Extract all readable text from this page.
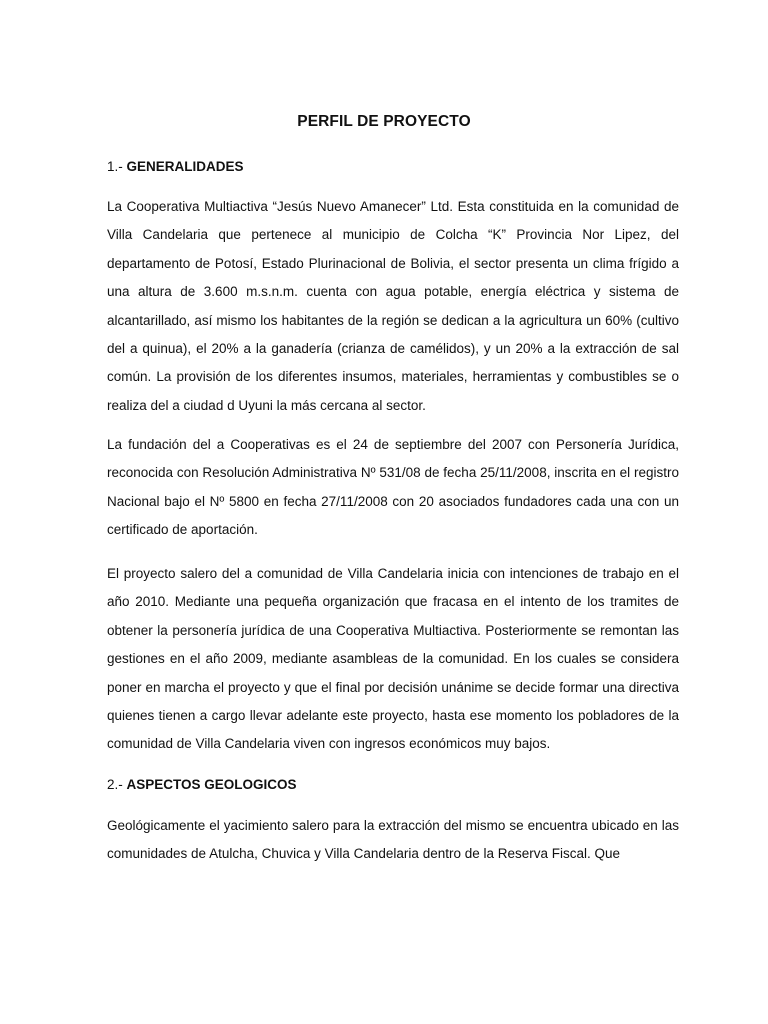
PERFIL DE PROYECTO
1.- GENERALIDADES

La Cooperativa Multiactiva “Jesús Nuevo Amanecer” Ltd. Esta constituida en la comunidad de Villa Candelaria que pertenece al municipio de Colcha “K” Provincia Nor Lipez, del departamento de Potosí, Estado Plurinacional de Bolivia, el sector presenta un clima frígido a una altura de 3.600 m.s.n.m. cuenta con agua potable, energía eléctrica y sistema de alcantarillado, así mismo los habitantes de la región se dedican a la agricultura un 60% (cultivo del a quinua), el 20% a la ganadería (crianza de camélidos), y un 20% a la extracción de sal común. La provisión de los diferentes insumos, materiales, herramientas y combustibles se o realiza del a ciudad d Uyuni la más cercana al sector.

La fundación del a Cooperativas es el 24 de septiembre del 2007 con Personería Jurídica, reconocida con Resolución Administrativa Nº 531/08 de fecha 25/11/2008, inscrita en el registro Nacional bajo el Nº 5800 en fecha 27/11/2008 con 20 asociados fundadores cada una con un certificado de aportación.

El proyecto salero del a comunidad de Villa Candelaria inicia con intenciones de trabajo en el año 2010. Mediante una pequeña organización que fracasa en el intento de los tramites de obtener la personería jurídica de una Cooperativa Multiactiva. Posteriormente se remontan las gestiones en el año 2009, mediante asambleas de la comunidad. En los cuales se considera poner en marcha el proyecto y que el final por decisión unánime se decide formar una directiva quienes tienen a cargo llevar adelante este proyecto, hasta ese momento los pobladores de la comunidad de Villa Candelaria viven con ingresos económicos muy bajos.

2.- ASPECTOS GEOLOGICOS

Geológicamente el yacimiento salero para la extracción del mismo se encuentra ubicado en las comunidades de Atulcha, Chuvica y Villa Candelaria dentro de la Reserva Fiscal. Que
